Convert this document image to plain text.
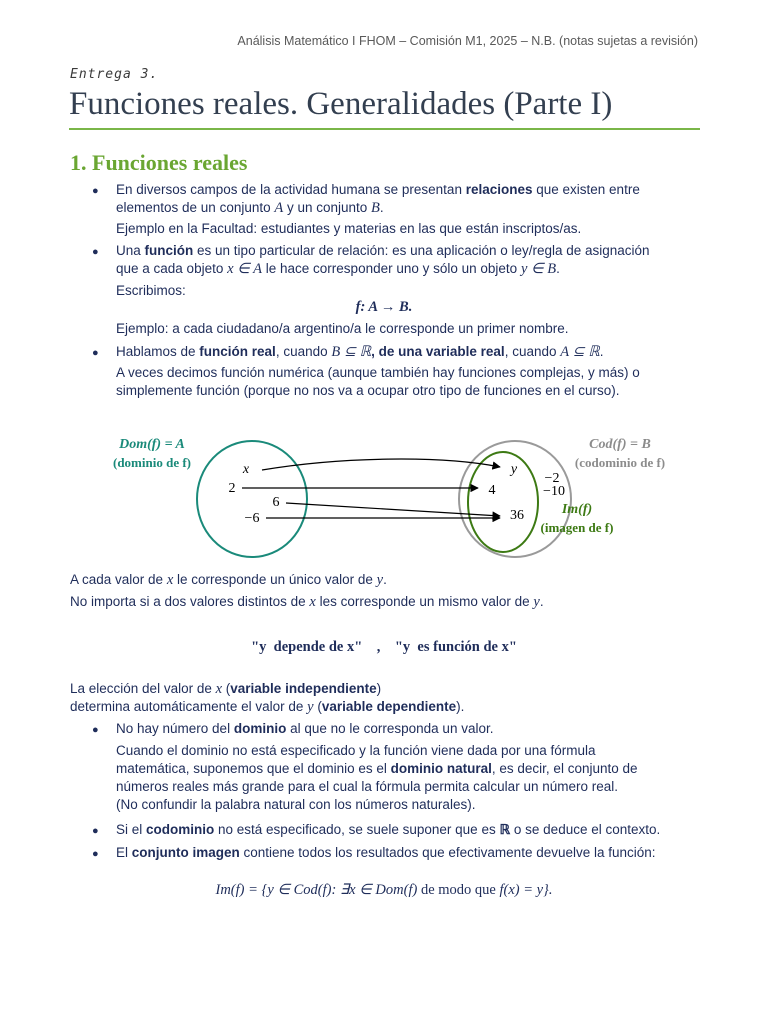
Análisis Matemático I FHOM – Comisión M1, 2025 – N.B. (notas sujetas a revisión)
Entrega 3.
Funciones reales. Generalidades (Parte I)
1. Funciones reales
● En diversos campos de la actividad humana se presentan relaciones que existen entre
elementos de un conjunto A y un conjunto B.

Ejemplo en la Facultad: estudiantes y materias en las que están inscriptos/as.

● Una función es un tipo particular de relación: es una aplicación o ley/regla de asignación
que a cada objeto x ∈ A le hace corresponder uno y sólo un objeto y ∈ B.

Escribimos:

f: A → B.

Ejemplo: a cada ciudadano/a argentino/a le corresponde un primer nombre.

● Hablamos de función real, cuando B ⊆ ℝ, de una variable real, cuando A ⊆ ℝ.

A veces decimos función numérica (aunque también hay funciones complejas, y más) o
simplemente función (porque no nos va a ocupar otro tipo de funciones en el curso).

Dom(f) = A
(dominio de f)	x
2
6
−6
Cod(f) = B
(codominio de f)
y
4
36
−2
−10
Im(f)
(imagen de f)

A cada valor de x le corresponde un único valor de y.

No importa si a dos valores distintos de x les corresponde un mismo valor de y.

"y  depende de x"    ,    "y  es función de x"

La elección del valor de x (variable independiente)

determina automáticamente el valor de y (variable dependiente).

● No hay número del dominio al que no le corresponda un valor.

Cuando el dominio no está especificado y la función viene dada por una fórmula
matemática, suponemos que el dominio es el dominio natural, es decir, el conjunto de
números reales más grande para el cual la fórmula permita calcular un número real.
(No confundir la palabra natural con los números naturales).

● Si el codominio no está especificado, se suele suponer que es ℝ o se deduce el contexto.

● El conjunto imagen contiene todos los resultados que efectivamente devuelve la función:

Im(f) = {y ∈ Cod(f): ∃x ∈ Dom(f) de modo que f(x) = y}.
